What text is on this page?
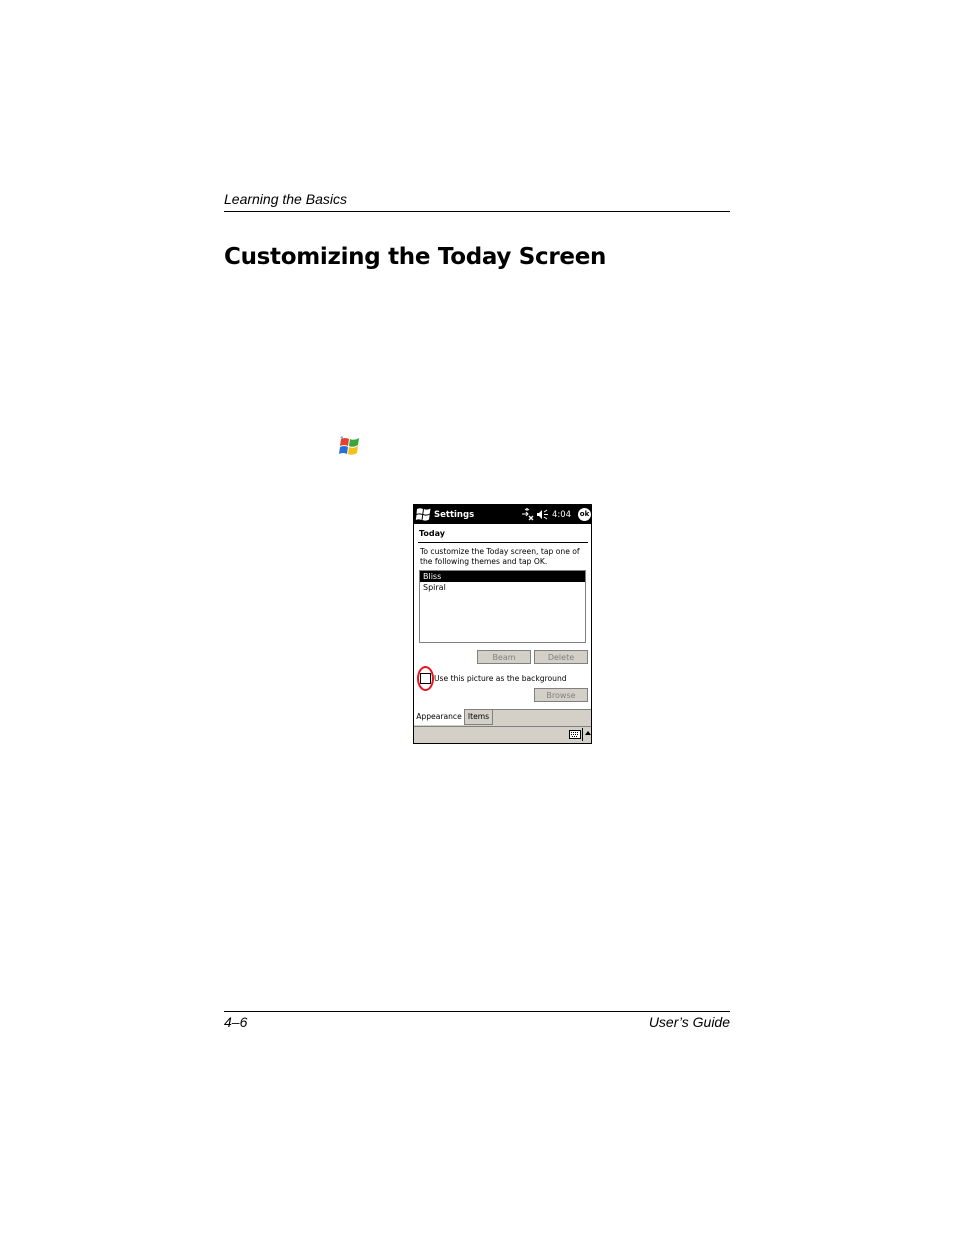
Learning the Basics
Customizing the Today Screen
Settings	4:04 ok
Today
To customize the Today screen, tap one of the following themes and tap OK.
Bliss
Spiral
Beam	Delete
Use this picture as the background
Browse
Appearance Items
4–6	User’s Guide
